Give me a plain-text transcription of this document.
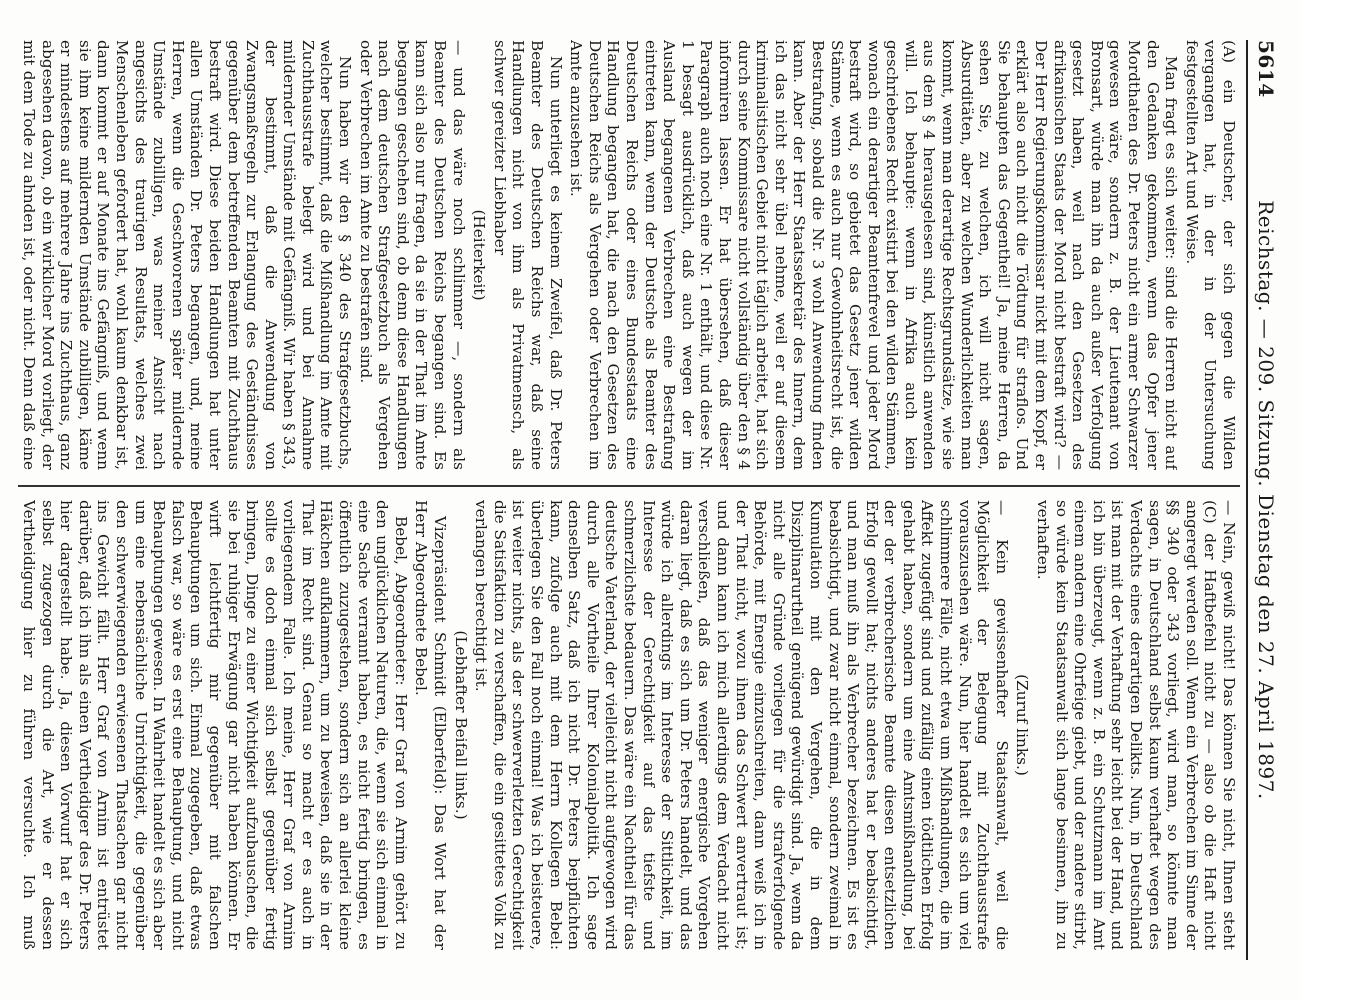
5614
Reichstag. — 209. Sitzung. Dienstag den 27. April 1897.

(A) ein Deutscher, der sich gegen die Wilden vergangen hat, in der in der Untersuchung festgestellten Art und Weise.

Man fragt es sich weiter: sind die Herren nicht auf den Gedanken gekommen, wenn das Opfer jener Mordthaten des Dr. Peters nicht ein armer Schwarzer gewesen wäre, sondern z. B. der Lieutenant von Bronsart, würde man ihn da auch außer Verfolgung gesetzt haben, weil nach den Gesetzen des afrikanischen Staats der Mord nicht bestraft wird? — Der Herr Regierungskommissar nickt mit dem Kopf, er erklärt also auch nicht die Tödtung für straflos. Und Sie behaupten das Gegentheil! Ja, meine Herren, da sehen Sie, zu welchen, ich will nicht sagen, Absurditäten, aber zu welchen Wunderlichkeiten man kommt, wenn man derartige Rechtsgrundsätze, wie sie aus dem § 4 herausgelesen sind, künstlich anwenden will. Ich behaupte: wenn in Afrika auch kein geschriebenes Recht existirt bei den wilden Stämmen, wonach ein derartiger Beamtenfrevel und jeder Mord bestraft wird, so gebietet das Gesetz jener wilden Stämme, wenn es auch nur Gewohnheitsrecht ist, die Bestrafung, sobald die Nr. 3 wohl Anwendung finden kann. Aber der Herr Staatssekretär des Innern, dem ich das nicht sehr übel nehme, weil er auf diesem kriminalistischen Gebiet nicht täglich arbeitet, hat sich durch seine Kommissare nicht vollständig über den § 4 informiren lassen. Er hat übersehen, daß dieser Paragraph auch noch eine Nr. 1 enthält, und diese Nr. 1 besagt ausdrücklich, daß auch wegen der im Ausland begangenen Verbrechen eine Bestrafung eintreten kann, wenn der Deutsche als Beamter des Deutschen Reichs oder eines Bundesstaats eine Handlung begangen hat, die nach den Gesetzen des Deutschen Reichs als Vergehen oder Verbrechen im Amte anzusehen ist.

Nun unterliegt es keinem Zweifel, daß Dr. Peters Beamter des Deutschen Reichs war, daß seine Handlungen nicht von ihm als Privatmensch, als schwer gereizter Liebhaber

(Heiterkeit)

— und das wäre noch schlimmer —, sondern als Beamter des Deutschen Reichs begangen sind. Es kann sich also nur fragen, da sie in der That im Amte begangen geschehen sind, ob denn diese Handlungen nach dem deutschen Strafgesetzbuch als Vergehen oder Verbrechen im Amte zu bestrafen sind.

Nun haben wir den § 340 des Strafgesetzbuchs, welcher bestimmt, daß die Mißhandlung im Amte mit Zuchthausstrafe belegt wird und bei Annahme mildernder Umstände mit Gefängniß. Wir haben § 343, der bestimmt, daß die Anwendung von Zwangsmaßregeln zur Erlangung des Geständnisses gegenüber dem betreffenden Beamten mit Zuchthaus bestraft wird. Diese beiden Handlungen hat unter allen Umständen Dr. Peters begangen, und, meine Herren, wenn die Geschworenen später mildernde Umstände zubilligen, was meiner Ansicht nach angesichts des traurigen Resultats, welches zwei Menschenleben gefordert hat, wohl kaum denkbar ist, dann kommt er auf Monate ins Gefängniß, und wenn sie ihm keine mildernden Umstände zubilligen, käme er mindestens auf mehrere Jahre ins Zuchthaus, ganz abgesehen davon, ob ein wirklicher Mord vorliegt, der mit dem Tode zu ahnden ist, oder nicht. Denn daß eine

— Nein, gewiß nicht! Das können Sie nicht, Ihnen steht (C) der Haftbefehl nicht zu — also ob die Haft nicht angeregt werden soll. Wenn ein Verbrechen im Sinne der §§ 340 oder 343 vorliegt, wird man, so könnte man sagen, in Deutschland selbst kaum verhaftet wegen des Verdachts eines derartigen Delikts. Nun, in Deutschland ist man mit der Verhaftung sehr leicht bei der Hand, und ich bin überzeugt, wenn z. B. ein Schutzmann im Amt einem andern eine Ohrfeige giebt, und der andere stirbt, so würde kein Staatsanwalt sich lange besinnen, ihn zu verhaften.

(Zuruf links.)

— Kein gewissenhafter Staatsanwalt, weil die Möglichkeit der Belegung mit Zuchthausstrafe vorauszusehen wäre. Nun, hier handelt es sich um viel schlimmere Fälle, nicht etwa um Mißhandlungen, die im Affekt zugefügt sind und zufällig einen tödtlichen Erfolg gehabt haben, sondern um eine Amtsmißhandlung, bei der der verbrecherische Beamte diesen entsetzlichen Erfolg gewollt hat; nichts anderes hat er beabsichtigt, und man muß ihn als Verbrecher bezeichnen. Es ist es beabsichtigt, und zwar nicht einmal, sondern zweimal in Kumulation mit den Vergehen, die in dem Disziplinarurtheil genügend gewürdigt sind. Ja, wenn da nicht alle Gründe vorliegen für die strafverfolgende Behörde, mit Energie einzuschreiten, dann weiß ich in der That nicht, wozu ihnen das Schwert anvertraut ist; und dann kann ich mich allerdings dem Verdacht nicht verschließen, daß das weniger energische Vorgehen daran liegt, daß es sich um Dr. Peters handelt, und das würde ich allerdings im Interesse der Sittlichkeit, im Interesse der Gerechtigkeit auf das tiefste und schmerzlichste bedauern. Das wäre ein Nachtheil für das deutsche Vaterland, der vielleicht nicht aufgewogen wird durch alle Vortheile Ihrer Kolonialpolitik. Ich sage denselben Satz, daß ich nicht Dr. Peters beipflichten kann, zufolge auch mit dem Herrn Kollegen Bebel: überlegen Sie den Fall noch einmal! Was ich beisteuere, ist weiter nichts, als der schwerverletzten Gerechtigkeit die Satisfaktion zu verschaffen, die ein gesittetes Volk zu verlangen berechtigt ist.

(Lebhafter Beifall links.)

Vizepräsident Schmidt (Elberfeld): Das Wort hat der Herr Abgeordnete Bebel.

Bebel, Abgeordneter: Herr Graf von Arnim gehört zu den unglücklichen Naturen, die, wenn sie sich einmal in eine Sache verrannt haben, es nicht fertig bringen, es öffentlich zuzugestehen, sondern sich an allerlei kleine Häkchen aufklammern, um zu beweisen, daß sie in der That im Recht sind. Genau so macht er es auch in vorliegendem Falle. Ich meine, Herr Graf von Arnim sollte es doch einmal sich selbst gegenüber fertig bringen, Dinge zu einer Wichtigkeit aufzubauschen, die sie bei ruhiger Erwägung gar nicht haben können. Er wirft leichtfertig mir gegenüber mit falschen Behauptungen um sich. Einmal zugegeben, daß etwas falsch war, so wäre es erst eine Behauptung, und nicht Behauptungen gewesen. In Wahrheit handelt es sich aber um eine nebensächliche Unrichtigkeit, die gegenüber den schwerwiegenden erwiesenen Thatsachen gar nicht ins Gewicht fällt. Herr Graf von Arnim ist entrüstet darüber, daß ich ihn als einen Vertheidiger des Dr. Peters hier dargestellt habe. Ja, diesen Vorwurf hat er sich selbst zugezogen durch die Art, wie er dessen Vertheidigung hier zu führen versuchte. Ich muß
